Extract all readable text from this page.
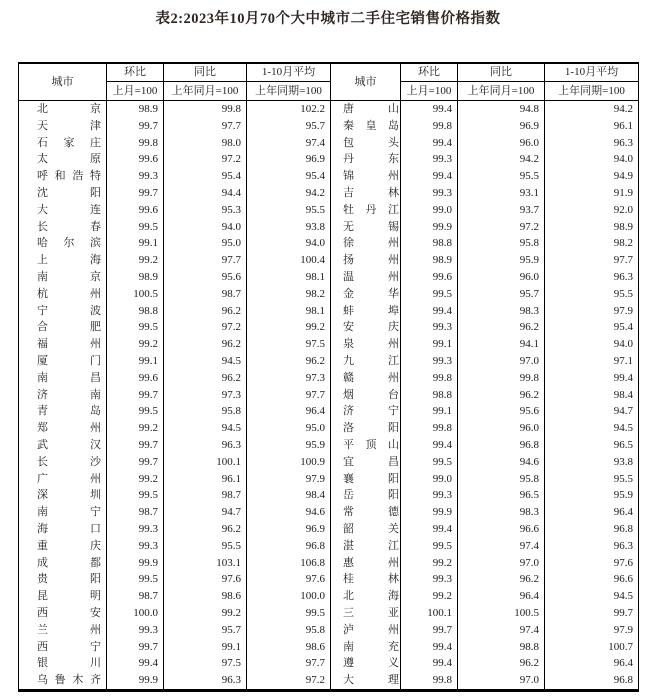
表2:2023年10月70个大中城市二手住宅销售价格指数
城市	环比	同比	1-10月平均	城市	环比	同比	1-10月平均
	上月=100	上年同月=100	上年同期=100		上月=100	上年同月=100	上年同期=100
北京	98.9	99.8	102.2	唐山	99.4	94.8	94.2
天津	99.7	97.7	95.7	秦皇岛	99.8	96.9	96.1
石家庄	99.8	98.0	97.4	包头	99.4	96.0	96.3
太原	99.6	97.2	96.9	丹东	99.3	94.2	94.0
呼和浩特	99.3	95.4	95.4	锦州	99.4	95.5	94.9
沈阳	99.7	94.4	94.2	吉林	99.3	93.1	91.9
大连	99.6	95.3	95.5	牡丹江	99.0	93.7	92.0
长春	99.5	94.0	93.8	无锡	99.9	97.2	98.9
哈尔滨	99.1	95.0	94.0	徐州	98.8	95.8	98.2
上海	99.2	97.7	100.4	扬州	98.9	95.9	97.7
南京	98.9	95.6	98.1	温州	99.6	96.0	96.3
杭州	100.5	98.7	98.2	金华	99.5	95.7	95.5
宁波	98.8	96.2	98.1	蚌埠	99.4	98.3	97.9
合肥	99.5	97.2	99.2	安庆	99.3	96.2	95.4
福州	99.2	96.2	97.5	泉州	99.1	94.1	94.0
厦门	99.1	94.5	96.2	九江	99.3	97.0	97.1
南昌	99.6	96.2	97.3	赣州	99.8	99.8	99.4
济南	99.7	97.3	97.7	烟台	98.8	96.2	98.4
青岛	99.5	95.8	96.4	济宁	99.1	95.6	94.7
郑州	99.2	94.5	95.0	洛阳	99.8	96.0	94.5
武汉	99.7	96.3	95.9	平顶山	99.4	96.8	96.5
长沙	99.7	100.1	100.9	宜昌	99.5	94.6	93.8
广州	99.2	96.1	97.9	襄阳	99.0	95.8	95.5
深圳	99.5	98.7	98.4	岳阳	99.3	96.5	95.9
南宁	98.7	94.7	94.6	常德	99.9	98.3	96.4
海口	99.3	96.2	96.9	韶关	99.4	96.6	96.8
重庆	99.3	95.5	96.8	湛江	99.5	97.4	96.3
成都	99.9	103.1	106.8	惠州	99.2	97.0	97.6
贵阳	99.5	97.6	97.6	桂林	99.3	96.2	96.6
昆明	98.7	98.6	100.0	北海	99.2	96.4	94.5
西安	100.0	99.2	99.5	三亚	100.1	100.5	99.7
兰州	99.3	95.7	95.8	泸州	99.7	97.4	97.9
西宁	99.7	99.1	98.6	南充	99.4	98.8	100.7
银川	99.4	97.5	97.7	遵义	99.4	96.2	96.4
乌鲁木齐	99.9	96.3	97.2	大理	99.8	97.0	96.8
